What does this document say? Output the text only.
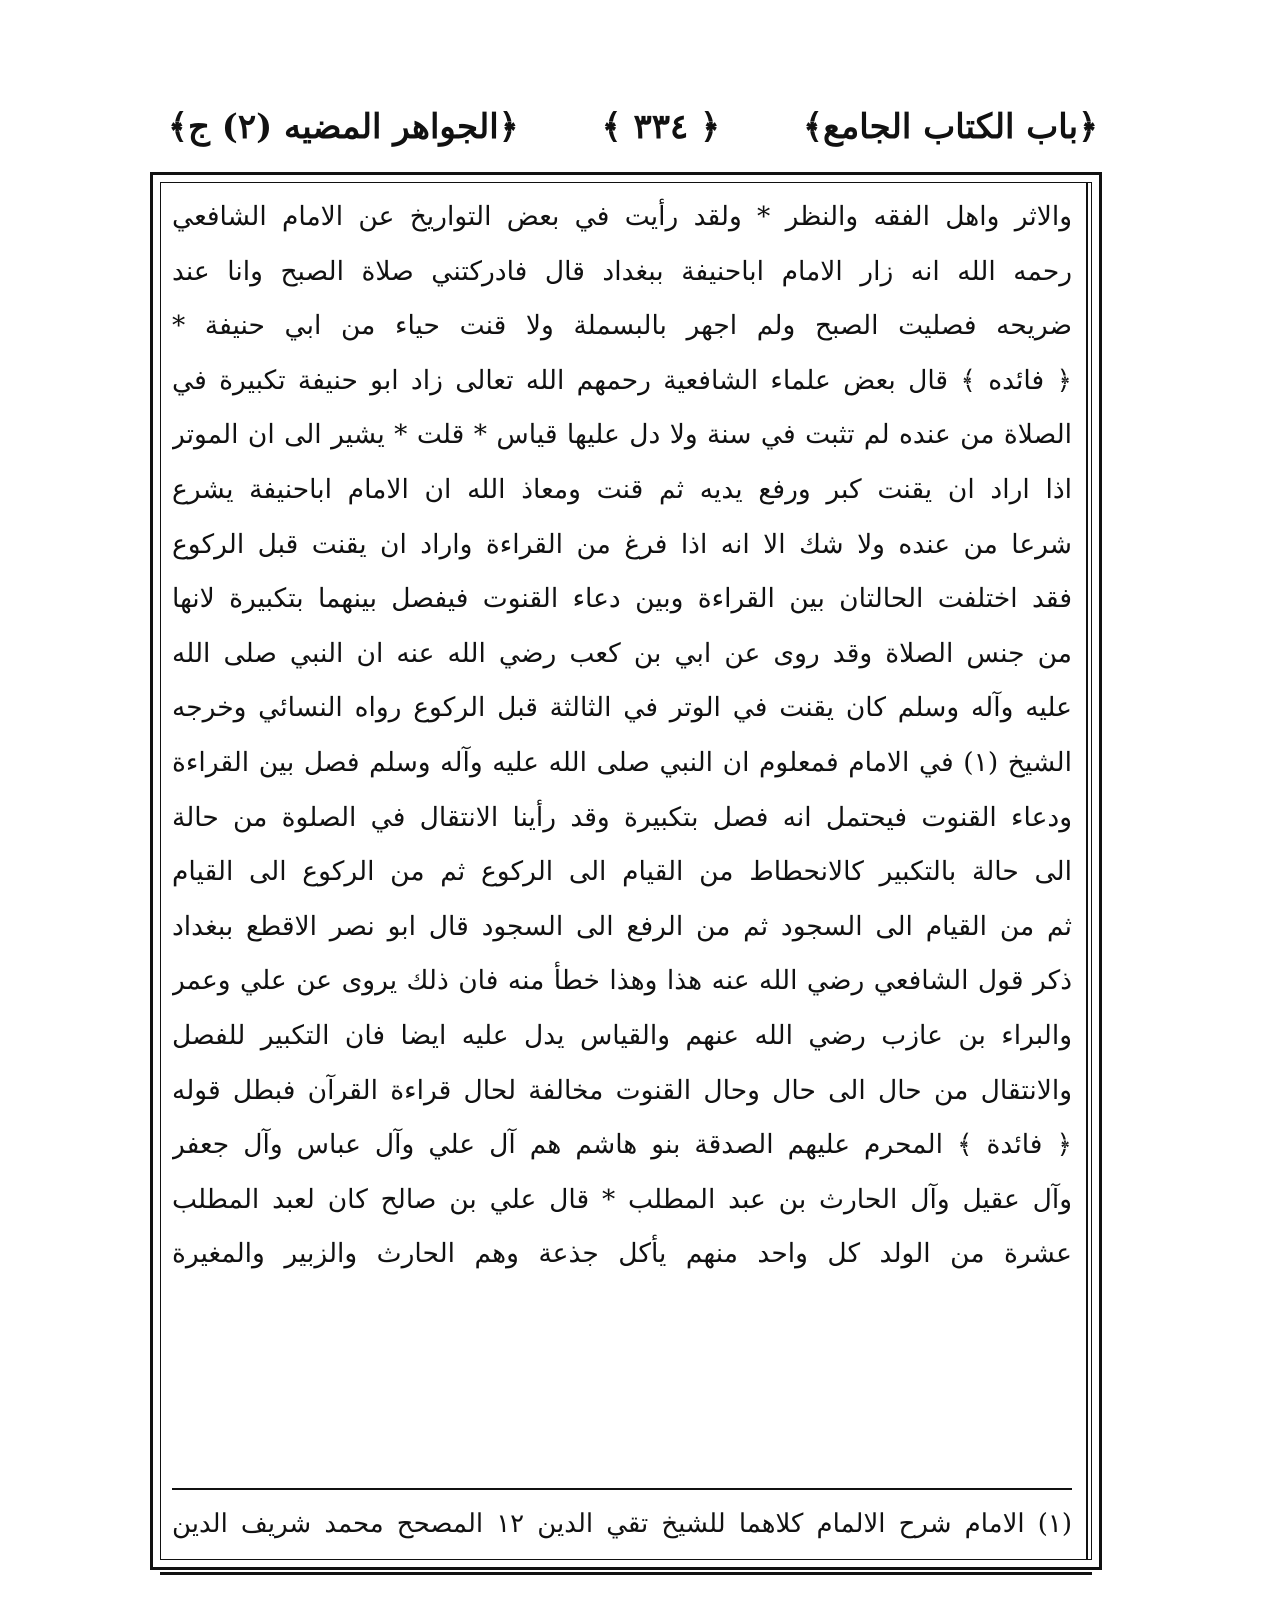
﴿باب الكتاب الجامع﴾
﴿ ٣٣٤ ﴾
﴿الجواهر المضيه (٢) ج﴾
والاثر واهل الفقه والنظر * ولقد رأيت في بعض التواريخ عن الامام الشافعي
رحمه الله انه زار الامام اباحنيفة ببغداد قال فادركتني صلاة الصبح وانا عند
ضريحه فصليت الصبح ولم اجهر بالبسملة ولا قنت حياء من ابي حنيفة *
﴿ فائده ﴾ قال بعض علماء الشافعية رحمهم الله تعالى زاد ابو حنيفة تكبيرة في
الصلاة من عنده لم تثبت في سنة ولا دل عليها قياس * قلت * يشير الى ان الموتر
اذا اراد ان يقنت كبر ورفع يديه ثم قنت ومعاذ الله ان الامام اباحنيفة يشرع
شرعا من عنده ولا شك الا انه اذا فرغ من القراءة واراد ان يقنت قبل الركوع
فقد اختلفت الحالتان بين القراءة وبين دعاء القنوت فيفصل بينهما بتكبيرة لانها
من جنس الصلاة وقد روى عن ابي بن كعب رضي الله عنه ان النبي صلى الله
عليه وآله وسلم كان يقنت في الوتر في الثالثة قبل الركوع رواه النسائي وخرجه
الشيخ (١) في الامام فمعلوم ان النبي صلى الله عليه وآله وسلم فصل بين القراءة
ودعاء القنوت فيحتمل انه فصل بتكبيرة وقد رأينا الانتقال في الصلوة من حالة
الى حالة بالتكبير كالانحطاط من القيام الى الركوع ثم من الركوع الى القيام
ثم من القيام الى السجود ثم من الرفع الى السجود قال ابو نصر الاقطع ببغداد
ذكر قول الشافعي رضي الله عنه هذا وهذا خطأ منه فان ذلك يروى عن علي وعمر
والبراء بن عازب رضي الله عنهم والقياس يدل عليه ايضا فان التكبير للفصل
والانتقال من حال الى حال وحال القنوت مخالفة لحال قراءة القرآن فبطل قوله
﴿ فائدة ﴾ المحرم عليهم الصدقة بنو هاشم هم آل علي وآل عباس وآل جعفر
وآل عقيل وآل الحارث بن عبد المطلب * قال علي بن صالح كان لعبد المطلب
عشرة من الولد كل واحد منهم يأكل جذعة وهم الحارث والزبير والمغيرة
(١) الامام شرح الالمام كلاهما للشيخ تقي الدين ١٢ المصحح محمد شريف الدين
